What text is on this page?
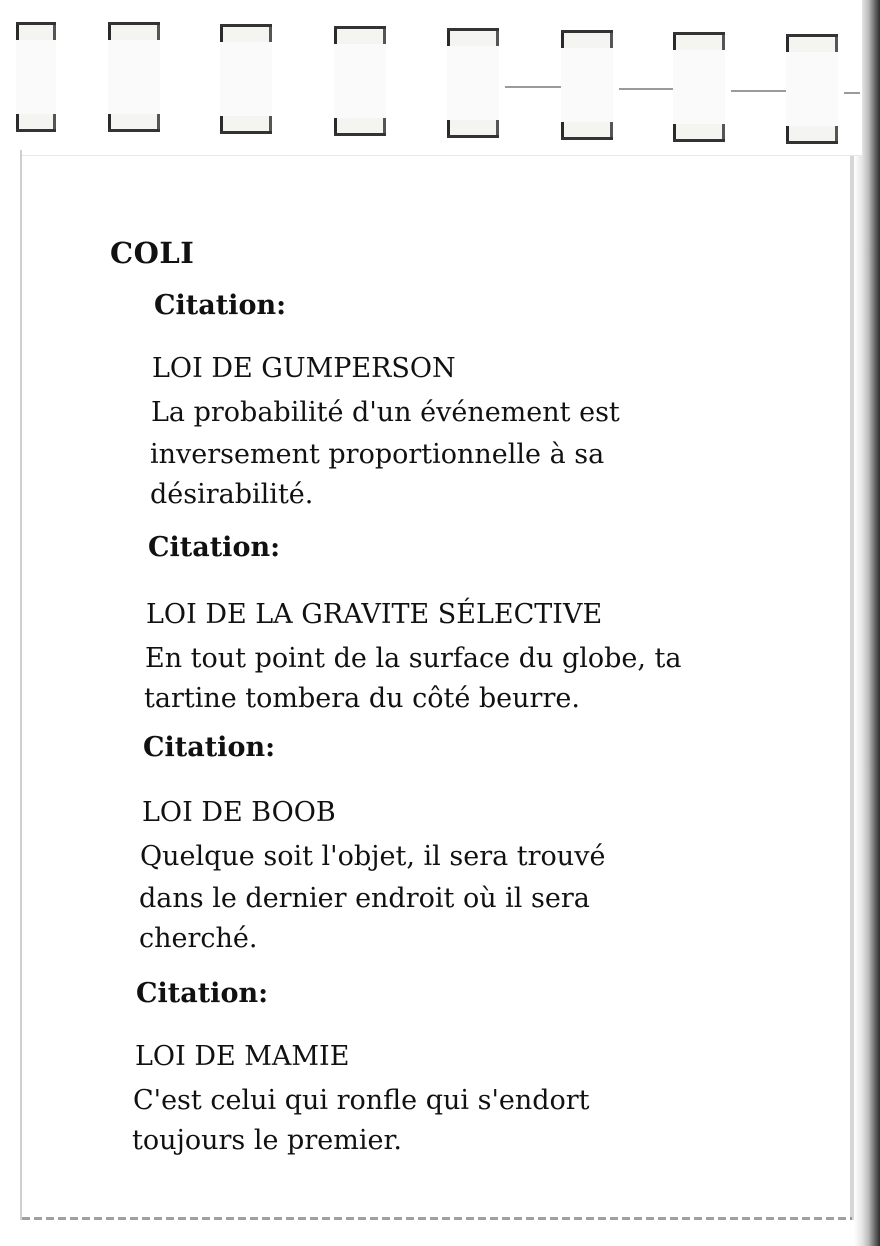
COLI
Citation:
LOI DE GUMPERSON
La probabilité d'un événement est
inversement proportionnelle à sa
désirabilité.
Citation:
LOI DE LA GRAVITE SÉLECTIVE
En tout point de la surface du globe, ta
tartine tombera du côté beurre.
Citation:
LOI DE BOOB
Quelque soit l'objet, il sera trouvé
dans le dernier endroit où il sera
cherché.
Citation:
LOI DE MAMIE
C'est celui qui ronfle qui s'endort
toujours le premier.
